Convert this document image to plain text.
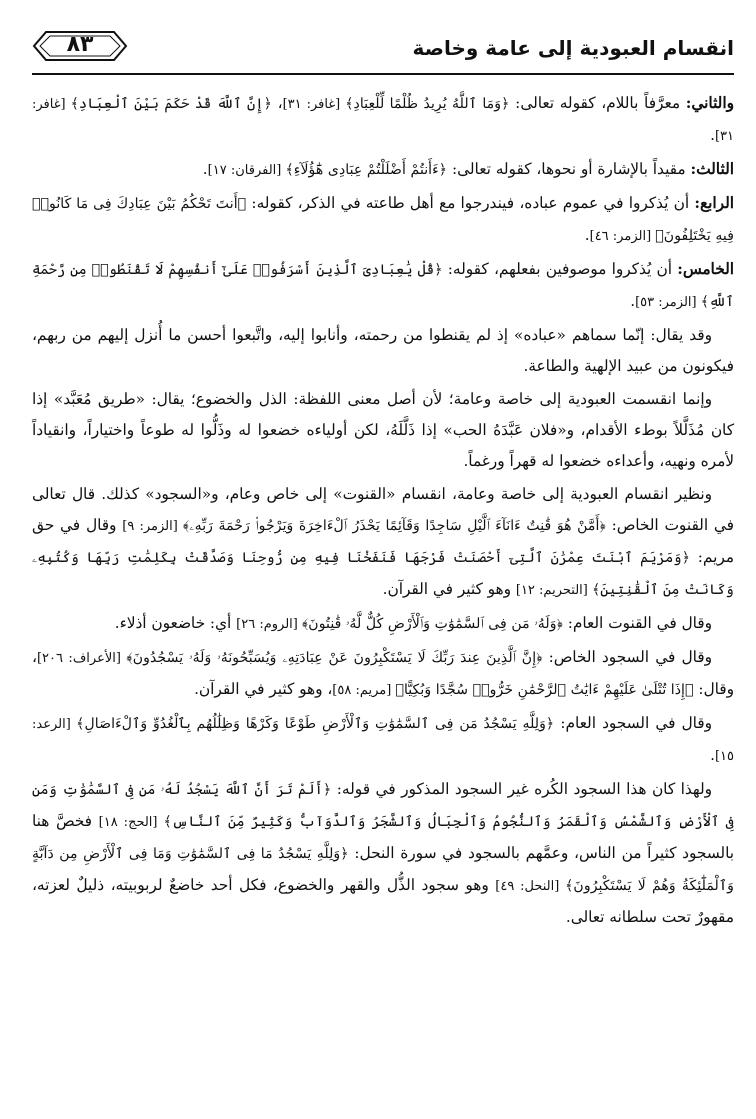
انقسام العبودية إلى عامة وخاصة
٨٣

والثاني: معرَّفاً باللام، كقوله تعالى: ﴿وَمَا ٱللَّهُ يُرِيدُ ظُلْمًا لِّلْعِبَادِ﴾ [غافر: ٣١]، ﴿إِنَّ ٱللَّهَ قَدْ حَكَمَ بَيْنَ ٱلْعِبَادِ﴾ [غافر: ٣١].

الثالث: مقيداً بالإشارة أو نحوها، كقوله تعالى: ﴿ءَأَنتُمْ أَضْلَلْتُمْ عِبَادِى هَٰٓؤُلَآءِ﴾ [الفرقان: ١٧].

الرابع: أن يُذكروا في عموم عباده، فيندرجوا مع أهل طاعته في الذكر، كقوله: ﴿أَنتَ تَحْكُمُ بَيْنَ عِبَادِكَ فِى مَا كَانُوا۟ فِيهِ يَخْتَلِفُونَ﴾ [الزمر: ٤٦].

الخامس: أن يُذكروا موصوفين بفعلهم، كقوله: ﴿قُلْ يَٰعِبَادِىَ ٱلَّذِينَ أَسْرَفُوا۟ عَلَىٰٓ أَنفُسِهِمْ لَا تَقْنَطُوا۟ مِن رَّحْمَةِ ٱللَّهِ﴾ [الزمر: ٥٣].

وقد يقال: إنّما سماهم «عباده» إذ لم يقنطوا من رحمته، وأنابوا إليه، واتَّبعوا أحسن ما أُنزل إليهم من ربهم، فيكونون من عبيد الإلهية والطاعة.

وإنما انقسمت العبودية إلى خاصة وعامة؛ لأن أصل معنى اللفظة: الذل والخضوع؛ يقال: «طريق مُعَبَّد» إذا كان مُذَلَّلاً بوطء الأقدام، و«فلان عَبَّدَهُ الحب» إذا ذَلَّلَهُ، لكن أولياءه خضعوا له وذَلُّوا له طوعاً واختياراً، وانقياداً لأمره ونهيه، وأعداءه خضعوا له قهراً ورغماً.

ونظير انقسام العبودية إلى خاصة وعامة، انقسام «القنوت» إلى خاص وعام، و«السجود» كذلك. قال تعالى في القنوت الخاص: ﴿أَمَّنْ هُوَ قَٰنِتٌ ءَانَآءَ ٱلَّيْلِ سَاجِدًا وَقَآئِمًا يَحْذَرُ ٱلْءَاخِرَةَ وَيَرْجُوا۟ رَحْمَةَ رَبِّهِۦ﴾ [الزمر: ٩] وقال في حق مريم: ﴿وَمَرْيَمَ ٱبْنَتَ عِمْرَٰنَ ٱلَّتِىٓ أَحْصَنَتْ فَرْجَهَا فَنَفَخْنَا فِيهِ مِن رُّوحِنَا وَصَدَّقَتْ بِكَلِمَٰتِ رَبِّهَا وَكُتُبِهِۦ وَكَانَتْ مِنَ ٱلْقَٰنِتِينَ﴾ [التحريم: ١٢] وهو كثير في القرآن.

وقال في القنوت العام: ﴿وَلَهُۥ مَن فِى ٱلسَّمَٰوَٰتِ وَٱلْأَرْضِ كُلٌّ لَّهُۥ قَٰنِتُونَ﴾ [الروم: ٢٦] أي: خاضعون أذلاء.

وقال في السجود الخاص: ﴿إِنَّ ٱلَّذِينَ عِندَ رَبِّكَ لَا يَسْتَكْبِرُونَ عَنْ عِبَادَتِهِۦ وَيُسَبِّحُونَهُۥ وَلَهُۥ يَسْجُدُونَ﴾ [الأعراف: ٢٠٦]، وقال: ﴿إِذَا تُتْلَىٰ عَلَيْهِمْ ءَايَٰتُ ٱلرَّحْمَٰنِ خَرُّوا۟ سُجَّدًا وَبُكِيًّا﴾ [مريم: ٥٨]، وهو كثير في القرآن.

وقال في السجود العام: ﴿وَلِلَّهِ يَسْجُدُ مَن فِى ٱلسَّمَٰوَٰتِ وَٱلْأَرْضِ طَوْعًا وَكَرْهًا وَظِلَٰلُهُم بِٱلْغُدُوِّ وَٱلْءَاصَالِ﴾ [الرعد: ١٥].

ولهذا كان هذا السجود الكُره غير السجود المذكور في قوله: ﴿أَلَمْ تَرَ أَنَّ ٱللَّهَ يَسْجُدُ لَهُۥ مَن فِى ٱلسَّمَٰوَٰتِ وَمَن فِى ٱلْأَرْضِ وَٱلشَّمْسُ وَٱلْقَمَرُ وَٱلنُّجُومُ وَٱلْجِبَالُ وَٱلشَّجَرُ وَٱلدَّوَآبُّ وَكَثِيرٌ مِّنَ ٱلنَّاسِ﴾ [الحج: ١٨] فخصَّ هنا بالسجود كثيراً من الناس، وعمَّهم بالسجود في سورة النحل: ﴿وَلِلَّهِ يَسْجُدُ مَا فِى ٱلسَّمَٰوَٰتِ وَمَا فِى ٱلْأَرْضِ مِن دَآبَّةٍ وَٱلْمَلَٰٓئِكَةُ وَهُمْ لَا يَسْتَكْبِرُونَ﴾ [النحل: ٤٩] وهو سجود الذُّل والقهر والخضوع، فكل أحد خاضعٌ لربوبيته، ذليلٌ لعزته، مقهورٌ تحت سلطانه تعالى.
